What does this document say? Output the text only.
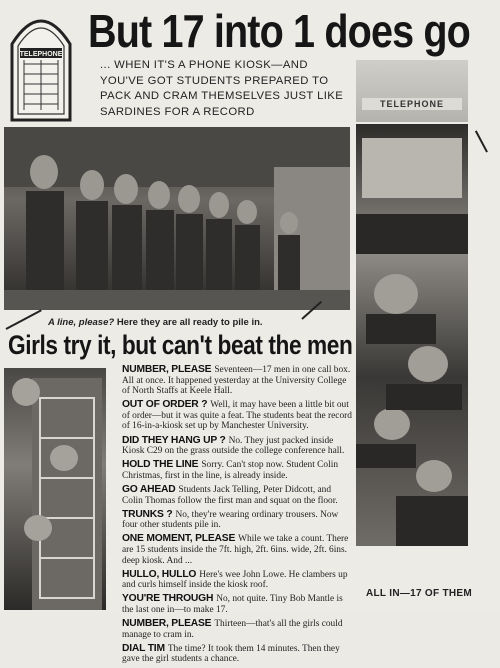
TELEPHONE But 17 into 1 does go
... WHEN IT'S A PHONE KIOSK—AND YOU'VE GOT STUDENTS PREPARED TO PACK AND CRAM THEMSELVES JUST LIKE SARDINES FOR A RECORD
TELEPHONE
A line, please? Here they are all ready to pile in.
Girls try it, but can't beat the men

NUMBER, PLEASE Seventeen—17 men in one call box. All at once. It happened yesterday at the University College of North Staffs at Keele Hall.

OUT OF ORDER ? Well, it may have been a little bit out of order—but it was quite a feat. The students beat the record of 16-in-a-kiosk set up by Manchester University.

DID THEY HANG UP ? No. They just packed inside Kiosk C29 on the grass outside the college conference hall.

HOLD THE LINE Sorry. Can't stop now. Student Colin Christmas, first in the line, is already inside.

GO AHEAD Students Jack Telling, Peter Didcott, and Colin Thomas follow the first man and squat on the floor.

TRUNKS ? No, they're wearing ordinary trousers. Now four other students pile in.

ONE MOMENT, PLEASE While we take a count. There are 15 students inside the 7ft. high, 2ft. 6ins. wide, 2ft. 6ins. deep kiosk. And ...

HULLO, HULLO Here's wee John Lowe. He clambers up and curls himself inside the kiosk roof.

YOU'RE THROUGH No, not quite. Tiny Bob Mantle is the last one in—to make 17.

NUMBER, PLEASE Thirteen—that's all the girls could manage to cram in.

DIAL TIM The time? It took them 14 minutes. Then they gave the girl students a chance.

ALL IN—17 OF THEM
